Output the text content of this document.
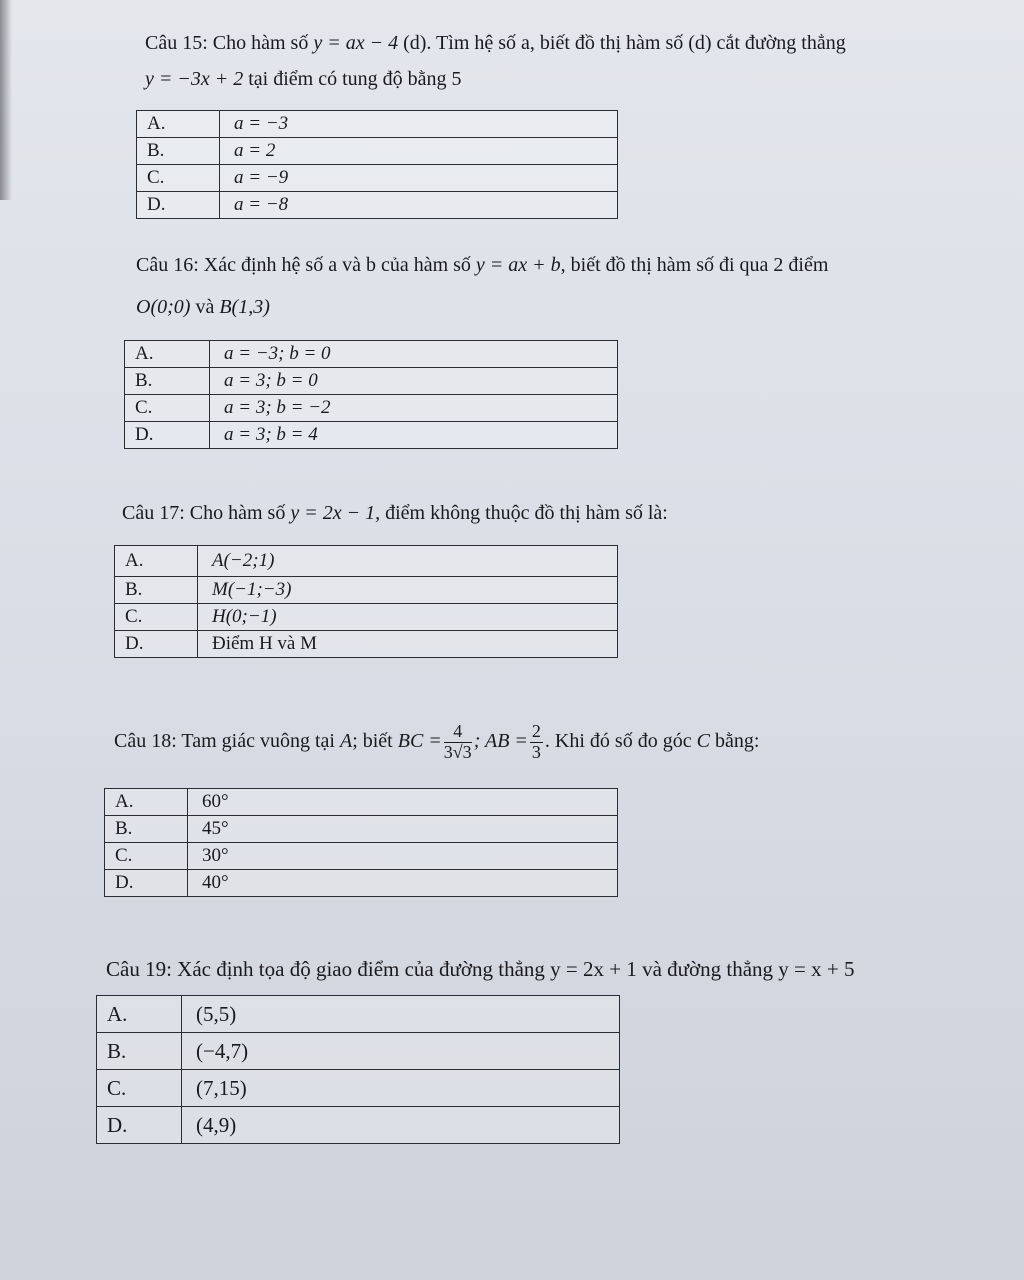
Câu 15: Cho hàm số y = ax − 4 (d). Tìm hệ số a, biết đồ thị hàm số (d) cắt đường thẳng
y = −3x + 2 tại điểm có tung độ bằng 5
A.	a = −3
B.	a = 2
C.	a = −9
D.	a = −8
Câu 16: Xác định hệ số a và b của hàm số y = ax + b, biết đồ thị hàm số đi qua 2 điểm
O(0;0) và B(1,3)
A.	a = −3; b = 0
B.	a = 3; b = 0
C.	a = 3; b = −2
D.	a = 3; b = 4
Câu 17: Cho hàm số y = 2x − 1, điểm không thuộc đồ thị hàm số là:
A.	A(−2;1)
B.	M(−1;−3)
C.	H(0;−1)
D.	Điểm H và M
Câu 18: Tam giác vuông tại A; biết BC = $\frac{4}{3√3}$ ; AB = $\frac{2}{3}$ . Khi đó số đo góc C bằng:
A.	60°
B.	45°
C.	30°
D.	40°
Câu 19: Xác định tọa độ giao điểm của đường thẳng y = 2x + 1 và đường thẳng y = x + 5
A.	(5,5)
B.	(−4,7)
C.	(7,15)
D.	(4,9)
